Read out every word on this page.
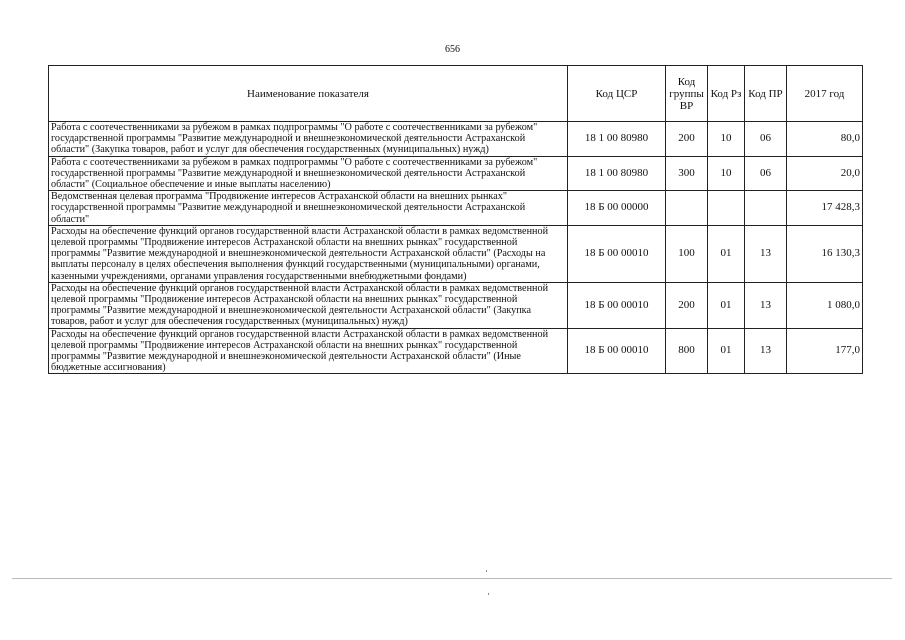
656
Наименование показателя	Код ЦСР	Код группы ВР	Код Рз	Код ПР	2017 год
Работа с соотечественниками за рубежом в рамках подпрограммы "О работе с соотечественниками за рубежом" государственной программы "Развитие международной и внешнеэкономической деятельности Астраханской области" (Закупка товаров, работ и услуг для обеспечения государственных (муниципальных) нужд)	18 1 00 80980	200	10	06	80,0
Работа с соотечественниками за рубежом в рамках подпрограммы "О работе с соотечественниками за рубежом" государственной программы "Развитие международной и внешнеэкономической деятельности Астраханской области" (Социальное обеспечение и иные выплаты населению)	18 1 00 80980	300	10	06	20,0
Ведомственная целевая программа "Продвижение интересов Астраханской области на внешних рынках" государственной программы "Развитие международной и внешнеэкономической деятельности Астраханской области"	18 Б 00 00000				17 428,3
Расходы на обеспечение функций органов государственной власти Астраханской области в рамках ведомственной целевой программы "Продвижение интересов Астраханской области на внешних рынках" государственной программы "Развитие международной и внешнеэкономической деятельности Астраханской области" (Расходы на выплаты персоналу в целях обеспечения выполнения функций государственными (муниципальными) органами, казенными учреждениями, органами управления государственными внебюджетными фондами)	18 Б 00 00010	100	01	13	16 130,3
Расходы на обеспечение функций органов государственной власти Астраханской области в рамках ведомственной целевой программы "Продвижение интересов Астраханской области на внешних рынках" государственной программы "Развитие международной и внешнеэкономической деятельности Астраханской области" (Закупка товаров, работ и услуг для обеспечения государственных (муниципальных) нужд)	18 Б 00 00010	200	01	13	1 080,0
Расходы на обеспечение функций органов государственной власти Астраханской области в рамках ведомственной целевой программы "Продвижение интересов Астраханской области на внешних рынках" государственной программы "Развитие международной и внешнеэкономической деятельности Астраханской области" (Иные бюджетные ассигнования)	18 Б 00 00010	800	01	13	177,0
